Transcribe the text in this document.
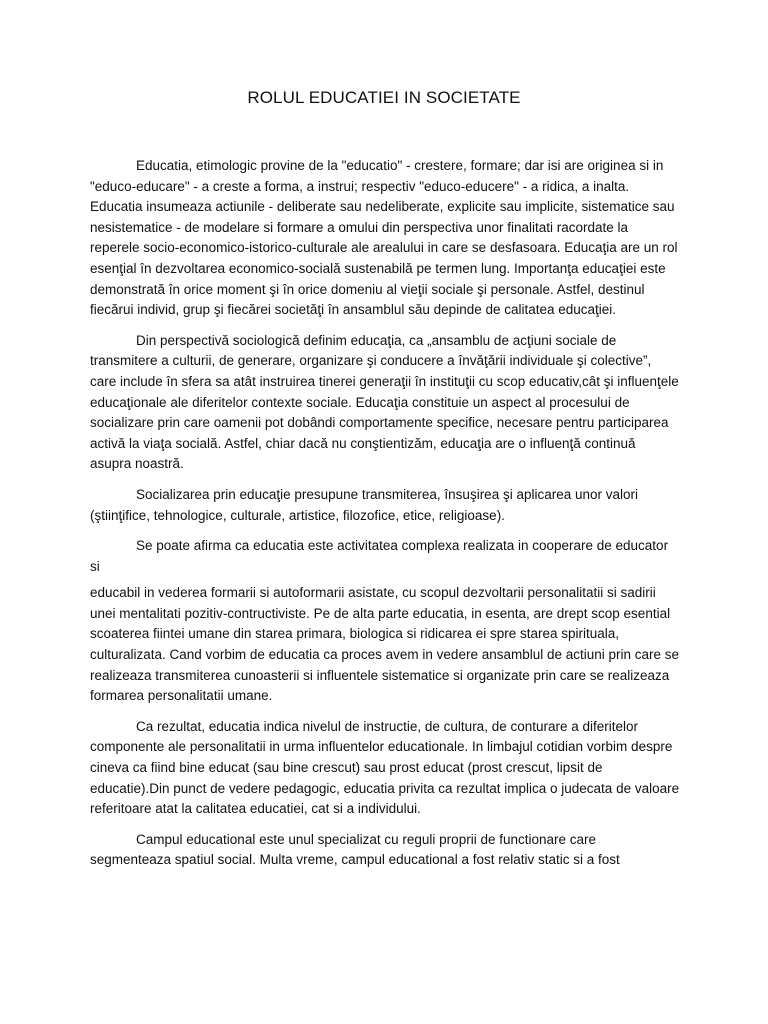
ROLUL EDUCATIEI IN SOCIETATE

Educatia, etimologic provine de la "educatio" - crestere, formare; dar isi are originea si in "educo-educare" - a creste a forma, a instrui; respectiv "educo-educere" - a ridica, a inalta. Educatia insumeaza actiunile - deliberate sau nedeliberate, explicite sau implicite, sistematice sau nesistematice - de modelare si formare a omului din perspectiva unor finalitati racordate la reperele socio-economico-istorico-culturale ale arealului in care se desfasoara. Educaţia are un rol esenţial în dezvoltarea economico-socială sustenabilă pe termen lung. Importanţa educaţiei este demonstrată în orice moment şi în orice domeniu al vieţii sociale şi personale. Astfel, destinul fiecărui individ, grup şi fiecărei societăţi în ansamblul său depinde de calitatea educaţiei.

Din perspectivă sociologică definim educaţia, ca „ansamblu de acţiuni sociale de transmitere a culturii, de generare, organizare şi conducere a învăţării individuale şi colective”, care include în sfera sa atât instruirea tinerei generaţii în instituţii cu scop educativ,cât şi influenţele educaţionale ale diferitelor contexte sociale. Educaţia constituie un aspect al procesului de socializare prin care oamenii pot dobândi comportamente specifice, necesare pentru participarea activă la viaţa socială. Astfel, chiar dacă nu conştientizăm, educaţia are o influenţă continuă asupra noastră.

Socializarea prin educaţie presupune transmiterea, însuşirea şi aplicarea unor valori (ştiinţifice, tehnologice, culturale, artistice, filozofice, etice, religioase).

Se poate afirma ca educatia este activitatea complexa realizata in cooperare de educator si

educabil in vederea formarii si autoformarii asistate, cu scopul dezvoltarii personalitatii si sadirii unei mentalitati pozitiv-contructiviste. Pe de alta parte educatia, in esenta, are drept scop esential scoaterea fiintei umane din starea primara, biologica si ridicarea ei spre starea spirituala, culturalizata. Cand vorbim de educatia ca proces avem in vedere ansamblul de actiuni prin care se realizeaza transmiterea cunoasterii si influentele sistematice si organizate prin care se realizeaza formarea personalitatii umane.

Ca rezultat, educatia indica nivelul de instructie, de cultura, de conturare a diferitelor componente ale personalitatii in urma influentelor educationale. In limbajul cotidian vorbim despre cineva ca fiind bine educat (sau bine crescut) sau prost educat (prost crescut, lipsit de educatie).Din punct de vedere pedagogic, educatia privita ca rezultat implica o judecata de valoare referitoare atat la calitatea educatiei, cat si a individului.

Campul educational este unul specializat cu reguli proprii de functionare care segmenteaza spatiul social. Multa vreme, campul educational a fost relativ static si a fost
